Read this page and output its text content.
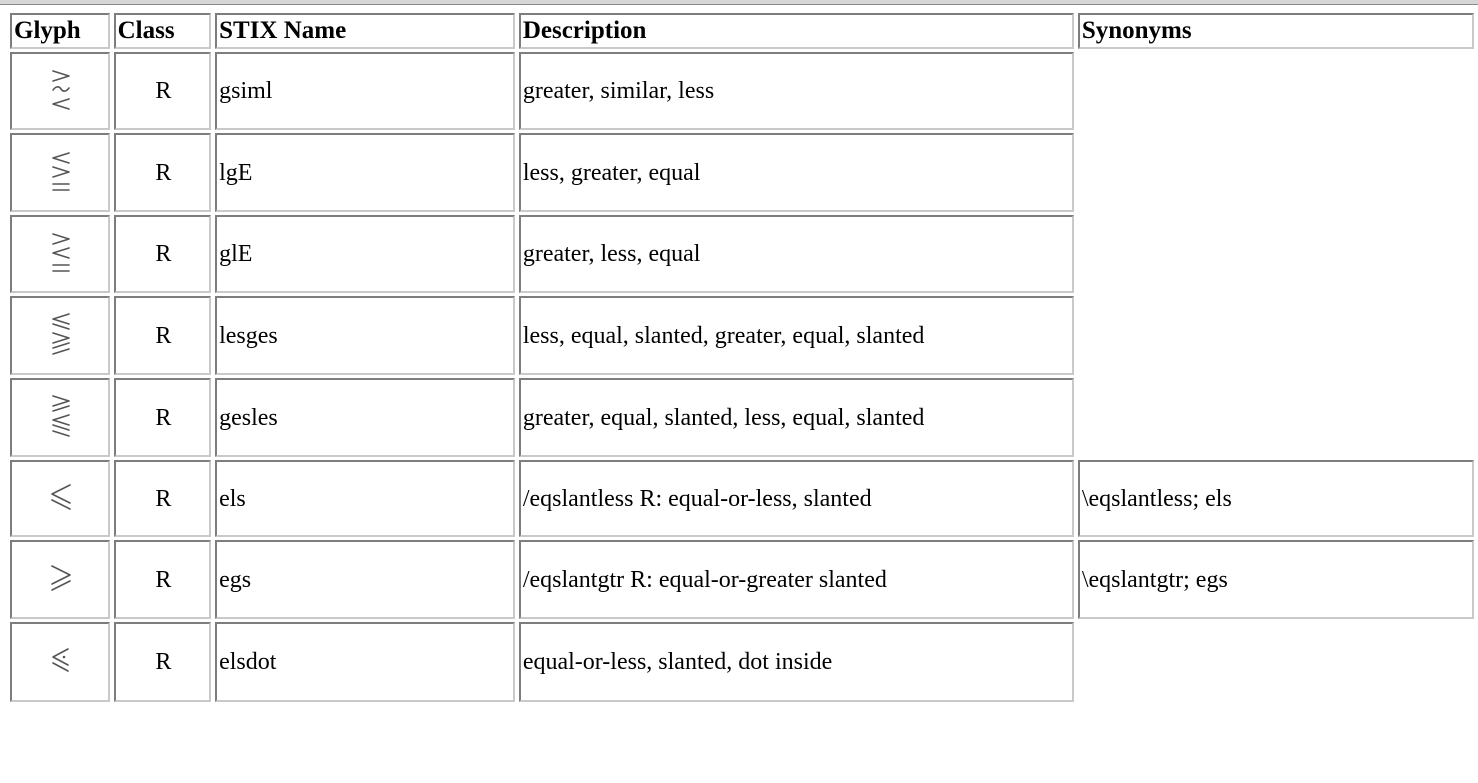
Glyph	Class	STIX Name	Description	Synonyms

	R	gsiml	greater, similar, less	

	R	lgE	less, greater, equal	

	R	glE	greater, less, equal	

	R	lesges	less, equal, slanted, greater, equal, slanted	

	R	gesles	greater, equal, slanted, less, equal, slanted	

	R	els	/eqslantless R: equal-or-less, slanted	\eqslantless; els

	R	egs	/eqslantgtr R: equal-or-greater slanted	\eqslantgtr; egs

	R	elsdot	equal-or-less, slanted, dot inside	
